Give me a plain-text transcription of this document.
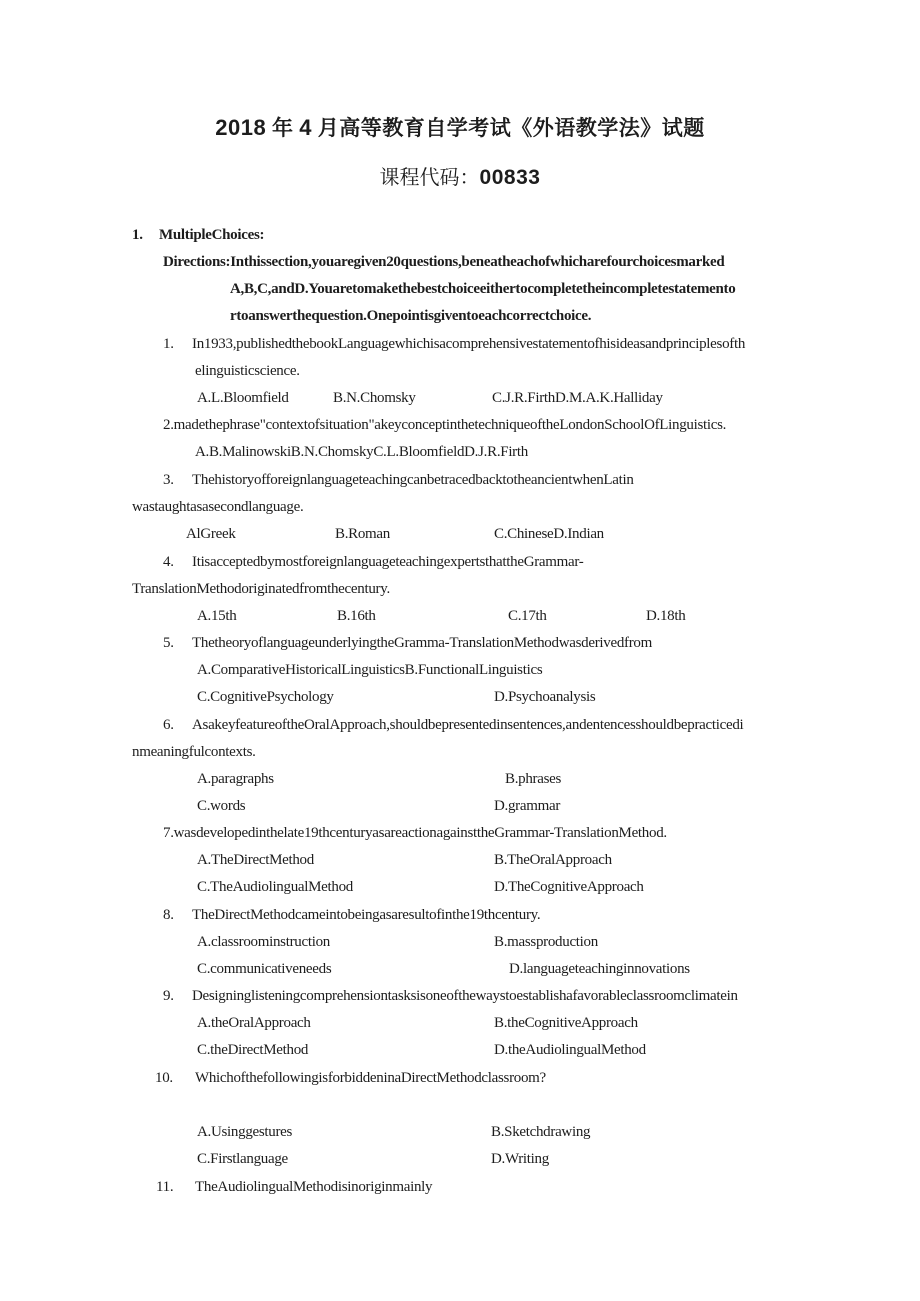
2018 年 4 月高等教育自学考试《外语教学法》试题
课程代码：00833
1. MultipleChoices:
Directions:Inthissection,youaregiven20questions,beneatheachofwhicharefourchoicesmarked
A,B,C,andD.Youaretomakethebestchoiceeithertocompletetheincompletestatemento
rtoanswerthequestion.Onepointisgiventoeachcorrectchoice.
1. In1933,publishedthebookLanguagewhichisacomprehensivestatementofhisideasandprinciplesofth
elinguisticscience.
A.L.Bloomfield	B.N.Chomsky	C.J.R.FirthD.M.A.K.Halliday
2.madethephrase"contextofsituation"akeyconceptinthetechniqueoftheLondonSchoolOfLinguistics.
A.B.MalinowskiB.N.ChomskyC.L.BloomfieldD.J.R.Firth
3. ThehistoryofforeignlanguageteachingcanbetracedbacktotheancientwhenLatin
wastaughtasasecondlanguage.
AlGreek	B.Roman	C.ChineseD.Indian
4. ItisacceptedbymostforeignlanguageteachingexpertsthattheGrammar-
TranslationMethodoriginatedfromthecentury.
A.15th	B.16th	C.17th	D.18th
5. ThetheoryoflanguageunderlyingtheGramma-TranslationMethodwasderivedfrom
A.ComparativeHistoricalLinguisticsB.FunctionalLinguistics
C.CognitivePsychology	D.Psychoanalysis
6. AsakeyfeatureoftheOralApproach,shouldbepresentedinsentences,andentencesshouldbepracticedi
nmeaningfulcontexts.
A.paragraphs	B.phrases
C.words	D.grammar
7.wasdevelopedinthelate19thcenturyasareactionagainsttheGrammar-TranslationMethod.
A.TheDirectMethod	B.TheOralApproach
C.TheAudiolingualMethod	D.TheCognitiveApproach
8. TheDirectMethodcameintobeingasaresultofinthe19thcentury.
A.classroominstruction	B.massproduction
C.communicativeneeds	D.languageteachinginnovations
9. Designinglisteningcomprehensiontasksisoneofthewaystoestablishafavorableclassroomclimatein
A.theOralApproach	B.theCognitiveApproach
C.theDirectMethod	D.theAudiolingualMethod
10. WhichofthefollowingisforbiddeninaDirectMethodclassroom?
A.Usinggestures	B.Sketchdrawing
C.Firstlanguage	D.Writing
11. TheAudiolingualMethodisinoriginmainly
